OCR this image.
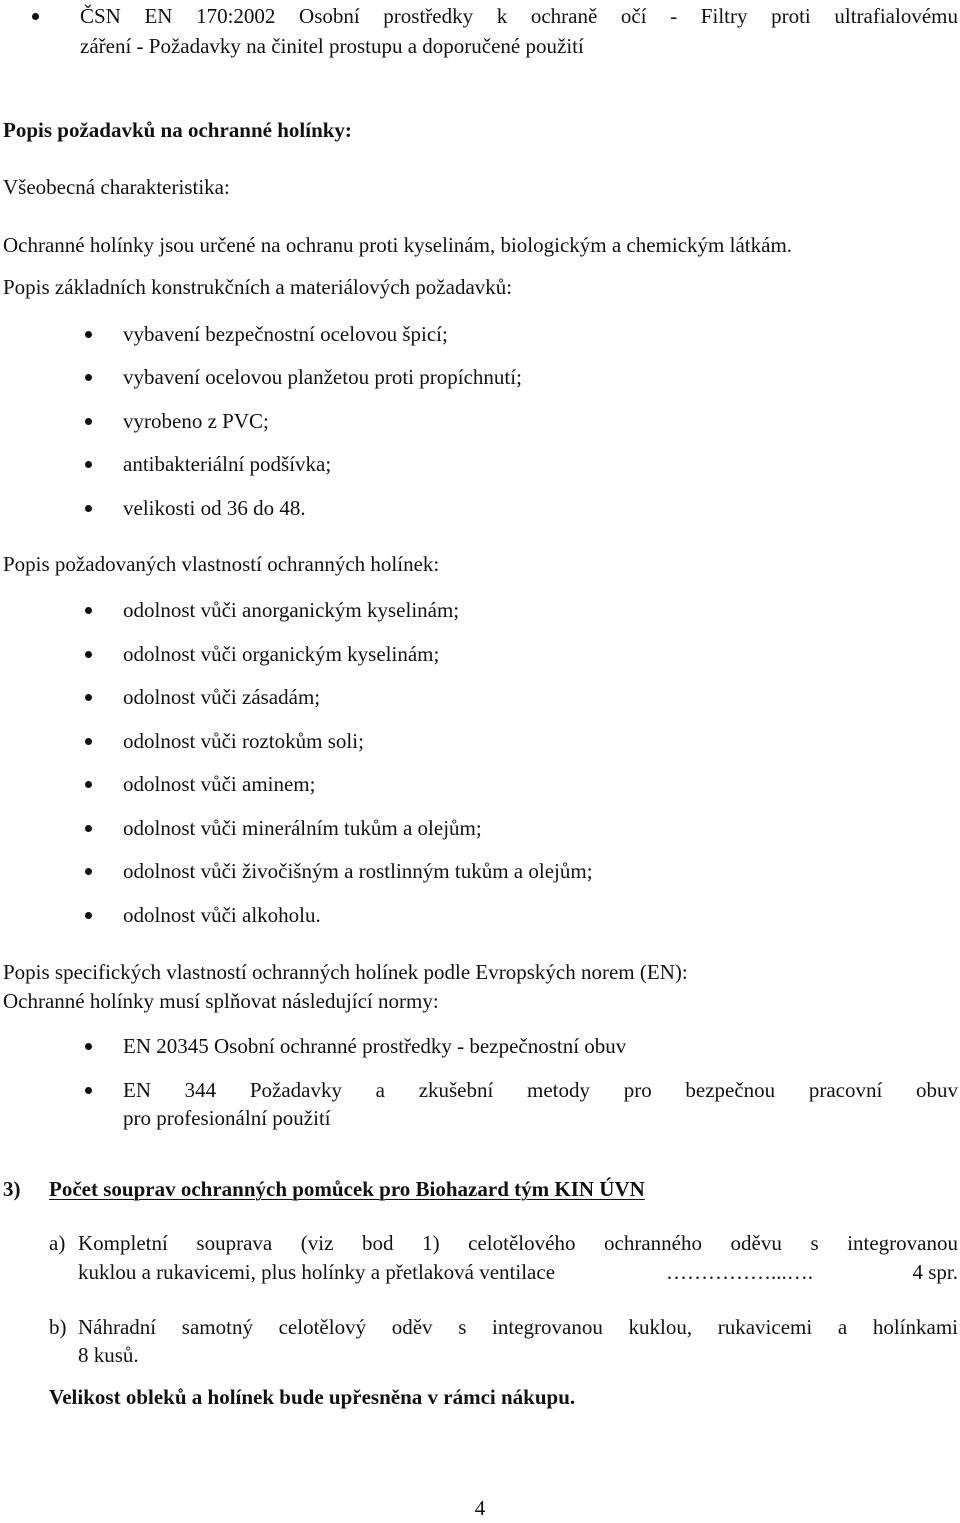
ČSN EN 170:2002 Osobní prostředky k ochraně očí - Filtry proti ultrafialovému
záření - Požadavky na činitel prostupu a doporučené použití
Popis požadavků na ochranné holínky:
Všeobecná charakteristika:
Ochranné holínky jsou určené na ochranu proti kyselinám, biologickým a chemickým látkám.
Popis základních konstrukčních a materiálových požadavků:
vybavení bezpečnostní ocelovou špicí;
vybavení ocelovou planžetou proti propíchnutí;
vyrobeno z PVC;
antibakteriální podšívka;
velikosti od 36 do 48.
Popis požadovaných vlastností ochranných holínek:
odolnost vůči anorganickým kyselinám;
odolnost vůči organickým kyselinám;
odolnost vůči zásadám;
odolnost vůči roztokům soli;
odolnost vůči aminem;
odolnost vůči minerálním tukům a olejům;
odolnost vůči živočišným a rostlinným tukům a olejům;
odolnost vůči alkoholu.
Popis specifických vlastností ochranných holínek podle Evropských norem (EN):
Ochranné holínky musí splňovat následující normy:
EN 20345 Osobní ochranné prostředky - bezpečnostní obuv
EN 344 Požadavky a zkušební metody pro bezpečnou pracovní obuv
pro profesionální použití
3) Počet souprav ochranných pomůcek pro Biohazard tým KIN ÚVN
a) Kompletní souprava (viz bod 1) celotělového ochranného oděvu s integrovanou
kuklou a rukavicemi, plus holínky a přetlaková ventilace	……………...….	4 spr.
b) Náhradní samotný celotělový oděv s integrovanou kuklou, rukavicemi a holínkami
8 kusů.
Velikost obleků a holínek bude upřesněna v rámci nákupu.
4
